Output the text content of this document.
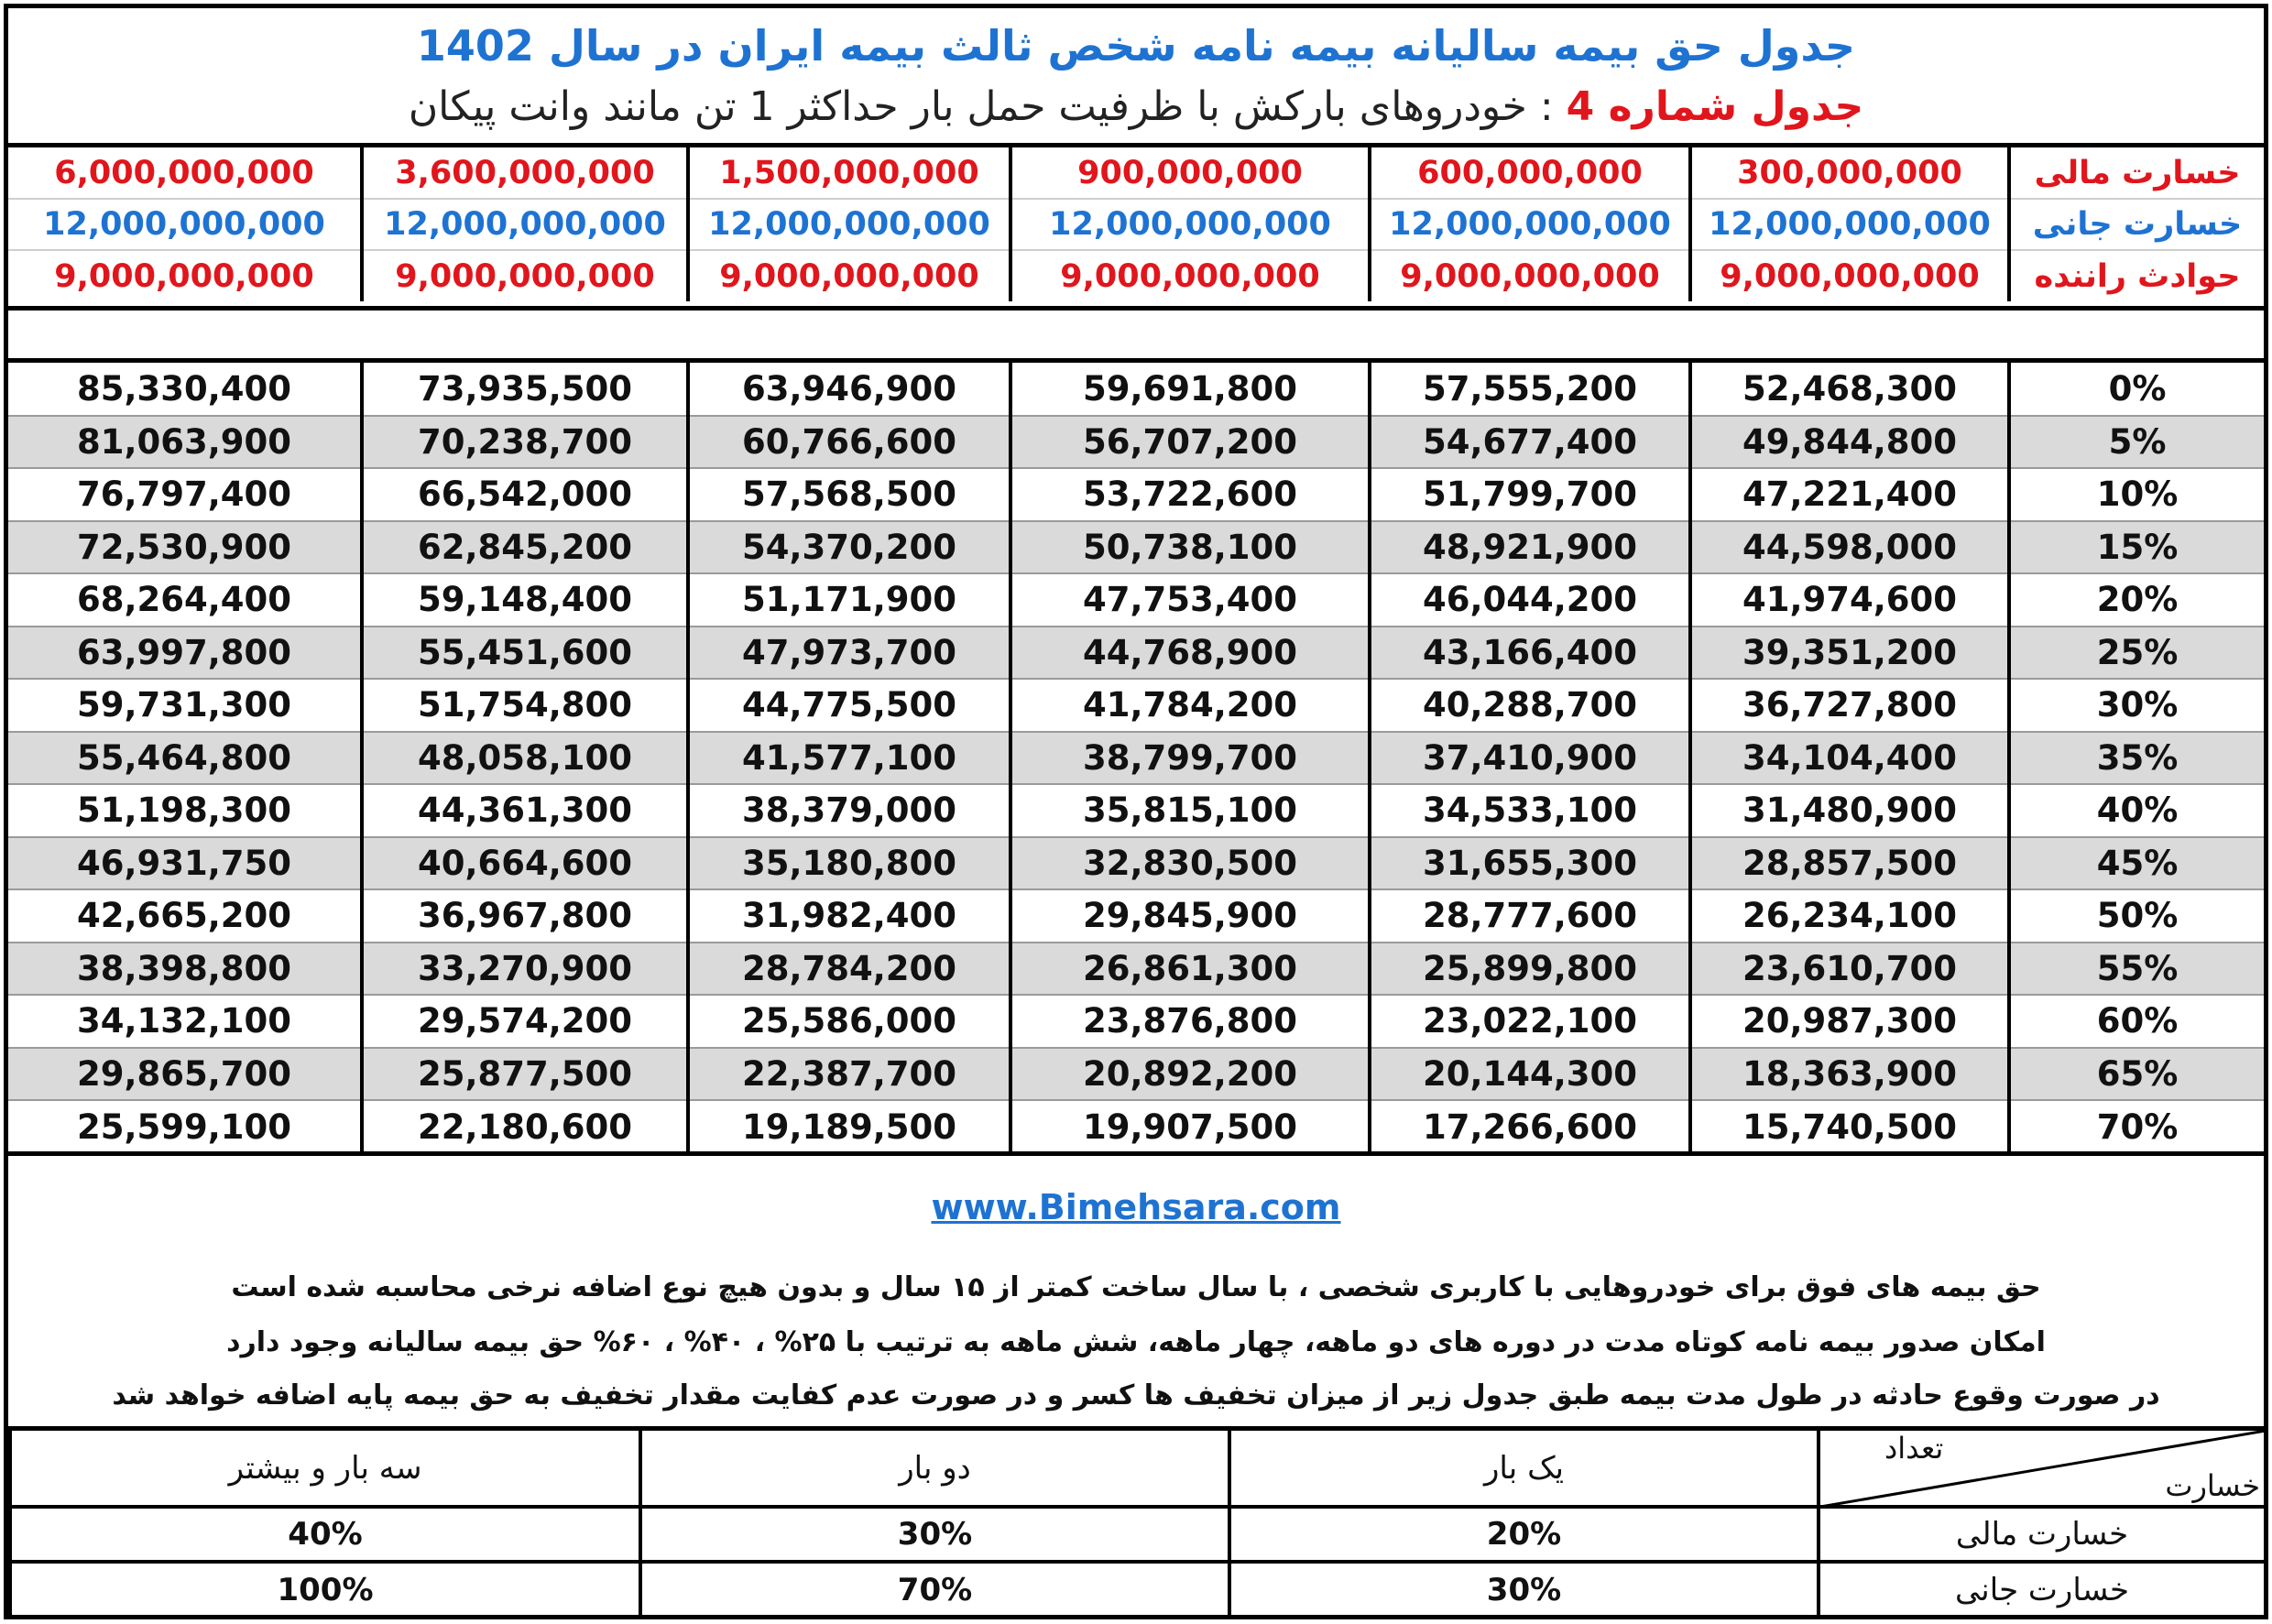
جدول حق بیمه سالیانه بیمه نامه شخص ثالث بیمه ایران در سال 1402
جدول شماره 4 : خودروهای بارکش با ظرفیت حمل بار حداکثر 1 تن مانند وانت پیکان
خسارت مالی	300,000,000	600,000,000	900,000,000	1,500,000,000	3,600,000,000	6,000,000,000
خسارت جانی	12,000,000,000	12,000,000,000	12,000,000,000	12,000,000,000	12,000,000,000	12,000,000,000
حوادث راننده	9,000,000,000	9,000,000,000	9,000,000,000	9,000,000,000	9,000,000,000	9,000,000,000
0%	52,468,300	57,555,200	59,691,800	63,946,900	73,935,500	85,330,400
5%	49,844,800	54,677,400	56,707,200	60,766,600	70,238,700	81,063,900
10%	47,221,400	51,799,700	53,722,600	57,568,500	66,542,000	76,797,400
15%	44,598,000	48,921,900	50,738,100	54,370,200	62,845,200	72,530,900
20%	41,974,600	46,044,200	47,753,400	51,171,900	59,148,400	68,264,400
25%	39,351,200	43,166,400	44,768,900	47,973,700	55,451,600	63,997,800
30%	36,727,800	40,288,700	41,784,200	44,775,500	51,754,800	59,731,300
35%	34,104,400	37,410,900	38,799,700	41,577,100	48,058,100	55,464,800
40%	31,480,900	34,533,100	35,815,100	38,379,000	44,361,300	51,198,300
45%	28,857,500	31,655,300	32,830,500	35,180,800	40,664,600	46,931,750
50%	26,234,100	28,777,600	29,845,900	31,982,400	36,967,800	42,665,200
55%	23,610,700	25,899,800	26,861,300	28,784,200	33,270,900	38,398,800
60%	20,987,300	23,022,100	23,876,800	25,586,000	29,574,200	34,132,100
65%	18,363,900	20,144,300	20,892,200	22,387,700	25,877,500	29,865,700
70%	15,740,500	17,266,600	19,907,500	19,189,500	22,180,600	25,599,100
www.Bimehsara.com
حق بیمه های فوق برای خودروهایی با کاربری شخصی ، با سال ساخت کمتر از ۱۵ سال و بدون هیچ نوع اضافه نرخی محاسبه شده است
امکان صدور بیمه نامه کوتاه مدت در دوره های دو ماهه، چهار ماهه، شش ماهه به ترتیب با ۲۵% ، ۴۰% ، ۶۰% حق بیمه سالیانه وجود دارد
در صورت وقوع حادثه در طول مدت بیمه طبق جدول زیر از میزان تخفیف ها کسر و در صورت عدم کفایت مقدار تخفیف به حق بیمه پایه اضافه خواهد شد
تعداد
خسارت	یک بار	دو بار	سه بار و بیشتر
خسارت مالی	20%	30%	40%
خسارت جانی	30%	70%	100%
